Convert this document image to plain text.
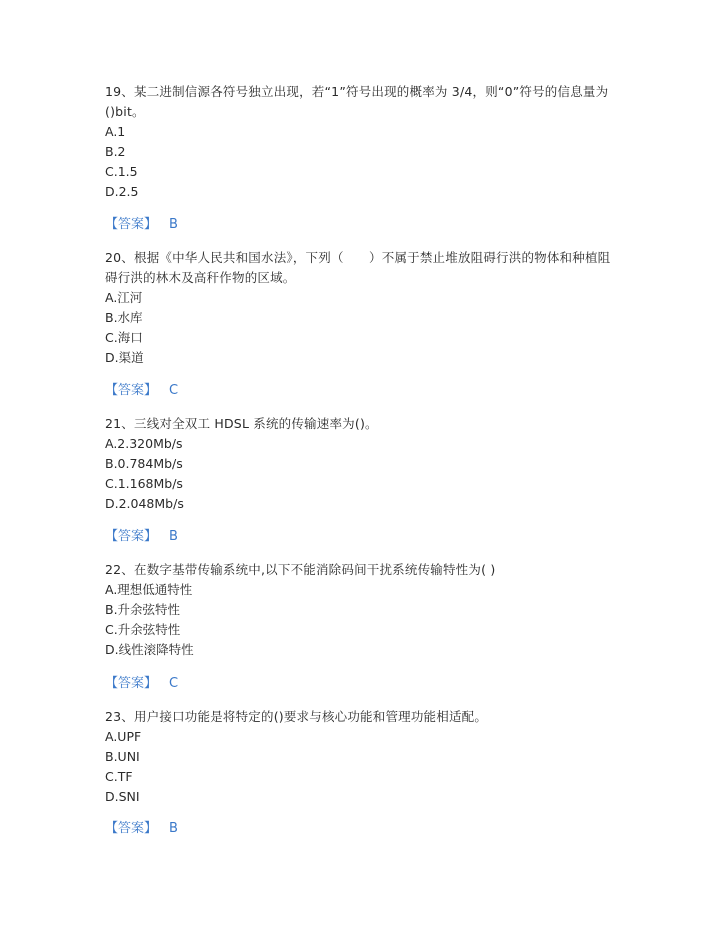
19、某二进制信源各符号独立出现，若“1”符号出现的概率为 3/4，则“0”符号的信息量为()bit。

A.1

B.2

C.1.5

D.2.5

【答案】 B

20、根据《中华人民共和国水法》，下列（　　）不属于禁止堆放阻碍行洪的物体和种植阻碍行洪的林木及高秆作物的区域。

A.江河

B.水库

C.海口

D.渠道

【答案】 C

21、三线对全双工 HDSL 系统的传输速率为()。

A.2.320Mb/s

B.0.784Mb/s

C.1.168Mb/s

D.2.048Mb/s

【答案】 B

22、在数字基带传输系统中,以下不能消除码间干扰系统传输特性为( )

A.理想低通特性

B.升余弦特性

C.升余弦特性

D.线性滚降特性

【答案】 C

23、用户接口功能是将特定的()要求与核心功能和管理功能相适配。

A.UPF

B.UNI

C.TF

D.SNI

【答案】 B
